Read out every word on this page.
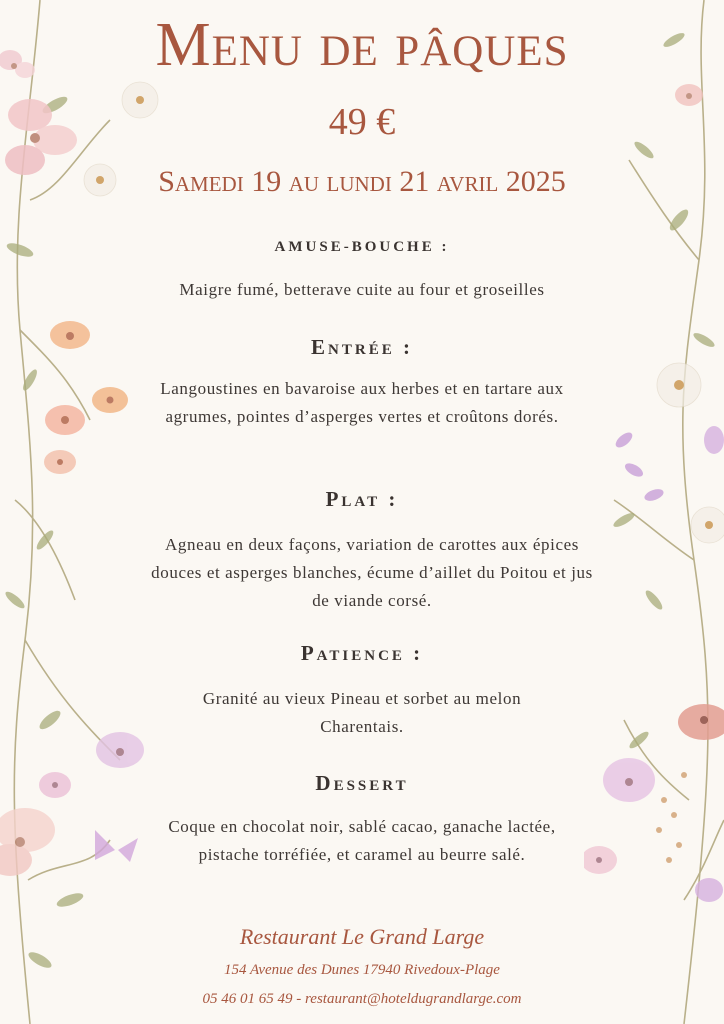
Menu de pâques
49 €
Samedi 19 au lundi 21 avril 2025
AMUSE-BOUCHE :
Maigre fumé, betterave cuite au four et groseilles
Entrée :
Langoustines en bavaroise aux herbes et en tartare aux agrumes, pointes d’asperges vertes et croûtons dorés.
Plat :
Agneau en deux façons, variation de carottes aux épices douces et asperges blanches, écume d’aillet du Poitou et jus de viande corsé.
Patience :
Granité au vieux Pineau et sorbet au melon Charentais.
Dessert
Coque en chocolat noir, sablé cacao, ganache lactée, pistache torréfiée, et caramel au beurre salé.
Restaurant Le Grand Large
154 Avenue des Dunes 17940 Rivedoux-Plage
05 46 01 65 49 - restaurant@hoteldugrandlarge.com
